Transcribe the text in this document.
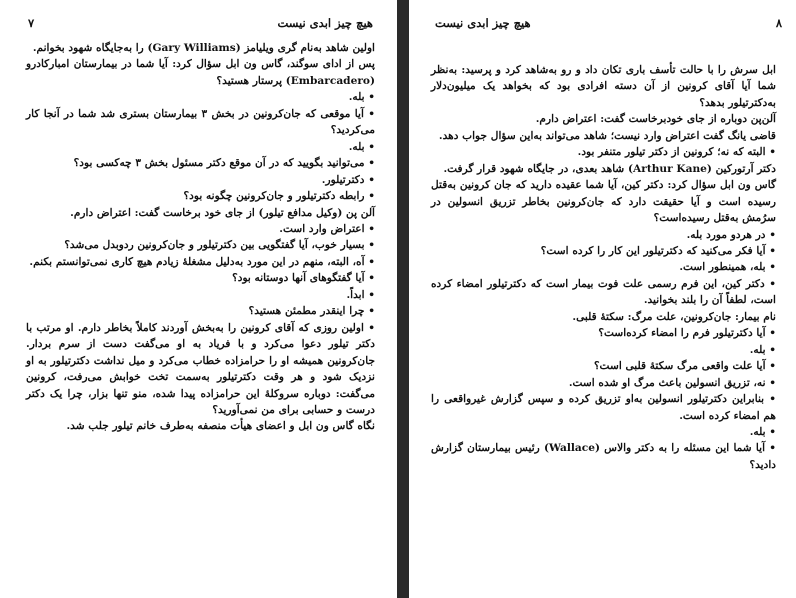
هیچ چیز ابدی نیست
۷

اولین شاهد به‌نام گری ویلیامز (Gary Williams) را به‌جایگاه شهود بخوانم.

پس از ادای سوگند، گاس ون ابل سؤال کرد: آیا شما در بیمارستان امبارکادرو (Embarcadero) پرستار هستید؟

• بله.

• آیا موقعی که جان‌کرونین در بخش ۳ بیمارستان بستری شد شما در آنجا کار می‌کردید؟

• بله.

• می‌توانید بگویید که در آن موقع دکتر مسئول بخش ۳ چه‌کسی بود؟

• دکترتیلور.

• رابطه دکترتیلور و جان‌کرونین چگونه بود؟

آلن پن (وکیل مدافع تیلور) از جای خود برخاست گفت: اعتراض دارم.

• اعتراض وارد است.

• بسیار خوب، آیا گفتگویی بین دکترتیلور و جان‌کرونین ردوبدل می‌شد؟

• آه، البته، منهم در این مورد به‌دلیل مشغلهٔ زیادم هیچ کاری نمی‌توانستم بکنم.

• آیا گفتگوهای آنها دوستانه بود؟

• ابداً.

• چرا اینقدر مطمئن هستید؟

• اولین روزی که آقای کرونین را به‌بخش آوردند کاملاً بخاطر دارم. او مرتب با دکتر تیلور دعوا می‌کرد و با فریاد به او می‌گفت دست از سرم بردار. جان‌کرونین همیشه او را حرامزاده خطاب می‌کرد و میل نداشت دکترتیلور به او نزدیک شود و هر وقت دکترتیلور به‌سمت تخت خوابش می‌رفت، کرونین می‌گفت: دوباره سروکلهٔ این حرامزاده پیدا شده، منو تنها بزار، چرا یک دکتر درست و حسابی برای من نمی‌آورید؟

نگاه گاس ون ابل و اعضای هیأت منصفه به‌طرف خانم تیلور جلب شد.

۸
هیچ چیز ابدی نیست

ابل سرش را با حالت تأسف باری تکان داد و رو به‌شاهد کرد و پرسید: به‌نظر شما آیا آقای کرونین از آن دسته افرادی بود که بخواهد یک میلیون‌دلار به‌دکترتیلور بدهد؟

آلن‌پن دوباره از جای خودبرخاست گفت: اعتراض دارم.

قاضی یانگ گفت اعتراض وارد نیست؛ شاهد می‌تواند به‌این سؤال جواب دهد.

• البته که نه؛ کرونین از دکتر تیلور متنفر بود.

دکتر آرتورکین (Arthur Kane) شاهد بعدی، در جایگاه شهود قرار گرفت.

گاس ون ابل سؤال کرد: دکتر کین، آیا شما عقیده دارید که جان کرونین به‌قتل رسیده است و آیا حقیقت دارد که جان‌کرونین بخاطر تزریق انسولین در سرُمش به‌قتل رسیده‌است؟

• در هردو مورد بله.

• آیا فکر می‌کنید که دکترتیلور این کار را کرده است؟

• بله، همینطور است.

• دکتر کین، این فرم رسمی علت فوت بیمار است که دکترتیلور امضاء کرده است، لطفاً آن را بلند بخوانید.

نام بیمار: جان‌کرونین، علت مرگ: سکتهٔ قلبی.

• آیا دکترتیلور فرم را امضاء کرده‌است؟

• بله.

• آیا علت واقعی مرگ سکتهٔ قلبی است؟

• نه، تزریق انسولین باعث مرگ او شده است.

• بنابراین دکترتیلور انسولین به‌او تزریق کرده و سپس گزارش غیرواقعی را هم امضاء کرده است.

• بله.

• آیا شما این مسئله را به دکتر والاس (Wallace) رئیس بیمارستان گزارش دادید؟
